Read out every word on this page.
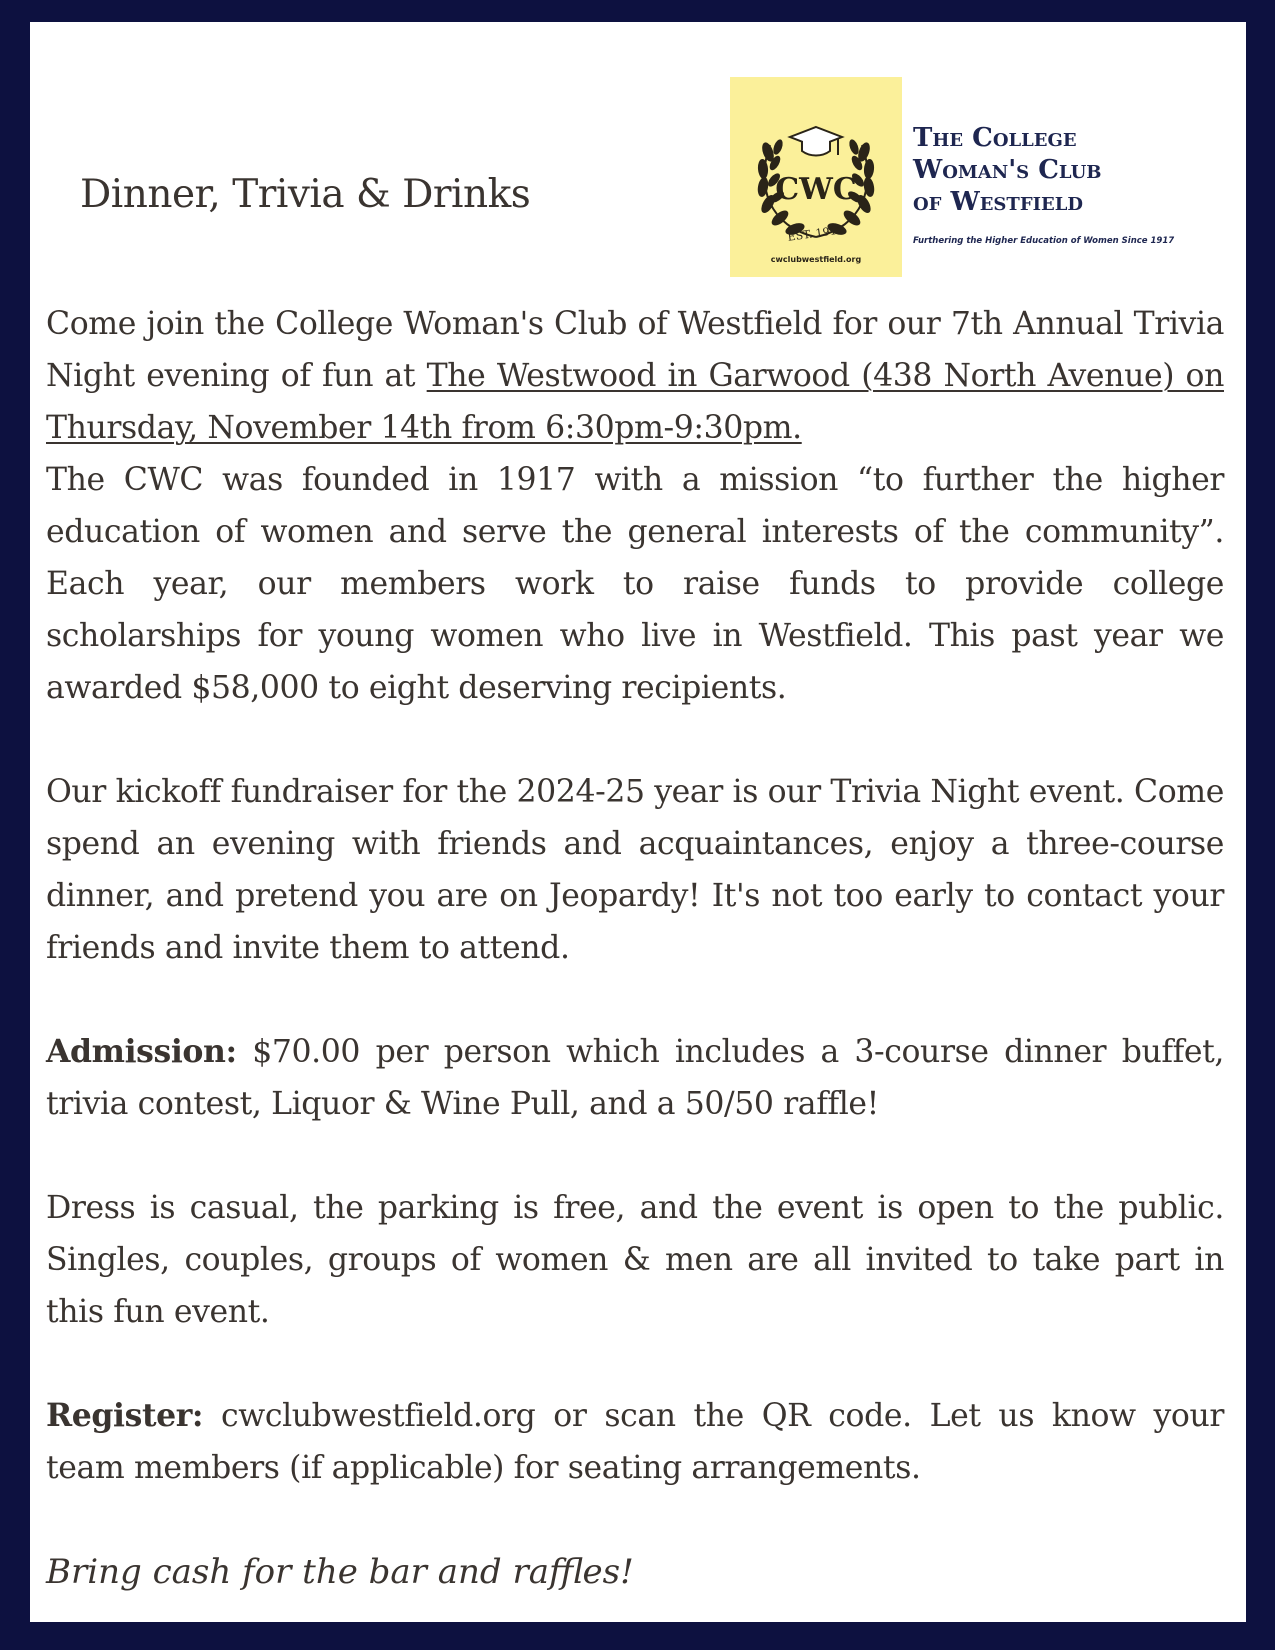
Dinner, Trivia & Drinks	CWC
EST. 1917
cwclubwestfield.org
The College
Woman's Club
of Westfield
Furthering the Higher Education of Women Since 1917

Come join the College Woman's Club of Westfield for our 7th Annual Trivia Night evening of fun at The Westwood in Garwood (438 North Avenue) on Thursday, November 14th from 6:30pm-9:30pm.

The CWC was founded in 1917 with a mission “to further the higher education of women and serve the general interests of the community”. Each year, our members work to raise funds to provide college scholarships for young women who live in Westfield. This past year we awarded $58,000 to eight deserving recipients.

Our kickoff fundraiser for the 2024-25 year is our Trivia Night event. Come spend an evening with friends and acquaintances, enjoy a three-course dinner, and pretend you are on Jeopardy! It's not too early to contact your friends and invite them to attend.

Admission: $70.00 per person which includes a 3-course dinner buffet, trivia contest, Liquor & Wine Pull, and a 50/50 raffle!

Dress is casual, the parking is free, and the event is open to the public. Singles, couples, groups of women & men are all invited to take part in this fun event.

Register: cwclubwestfield.org or scan the QR code. Let us know your team members (if applicable) for seating arrangements.

Bring cash for the bar and raffles!
